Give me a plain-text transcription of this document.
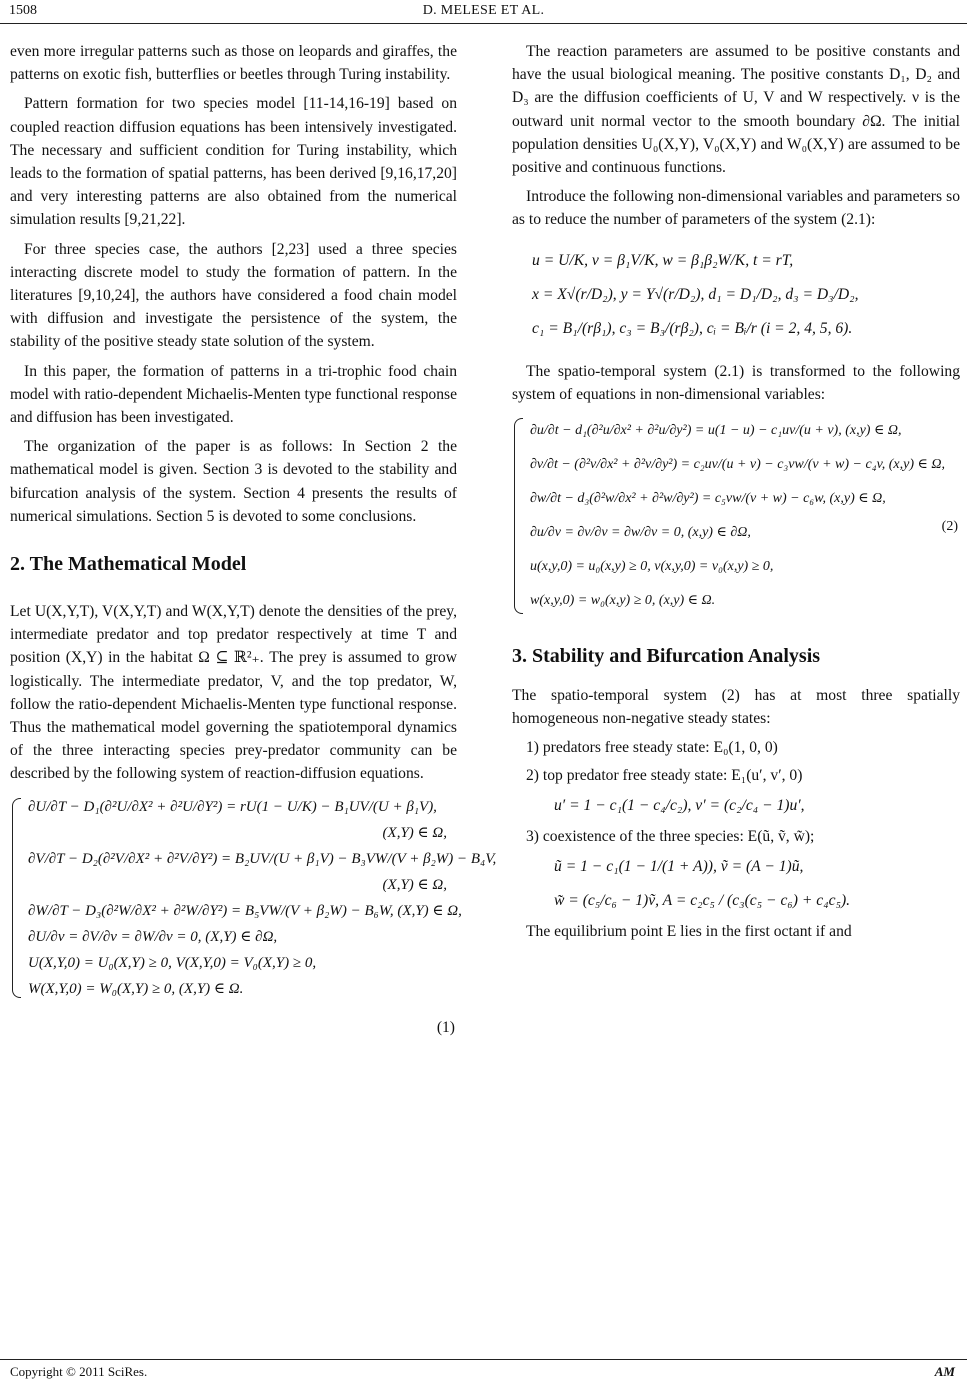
1508	D. MELESE ET AL.

even more irregular patterns such as those on leopards and giraffes, the patterns on exotic fish, butterflies or beetles through Turing instability.

Pattern formation for two species model [11-14,16-19] based on coupled reaction diffusion equations has been intensively investigated. The necessary and sufficient condition for Turing instability, which leads to the formation of spatial patterns, has been derived [9,16,17,20] and very interesting patterns are also obtained from the numerical simulation results [9,21,22].

For three species case, the authors [2,23] used a three species interacting discrete model to study the formation of pattern. In the literatures [9,10,24], the authors have considered a food chain model with diffusion and investigate the persistence of the system, the stability of the positive steady state solution of the system.

In this paper, the formation of patterns in a tri-trophic food chain model with ratio-dependent Michaelis-Menten type functional response and diffusion has been investigated.

The organization of the paper is as follows: In Section 2 the mathematical model is given. Section 3 is devoted to the stability and bifurcation analysis of the system. Section 4 presents the results of numerical simulations. Section 5 is devoted to some conclusions.

2. The Mathematical Model

Let U(X,Y,T), V(X,Y,T) and W(X,Y,T) denote the densities of the prey, intermediate predator and top predator respectively at time T and position (X,Y) in the habitat Ω ⊆ ℝ²₊. The prey is assumed to grow logistically. The intermediate predator, V, and the top predator, W, follow the ratio-dependent Michaelis-Menten type functional response. Thus the mathematical model governing the spatiotemporal dynamics of the three interacting species prey-predator community can be described by the following system of reaction-diffusion equations.

∂U/∂T − D₁(∂²U/∂X² + ∂²U/∂Y²) = rU(1 − U/K) − B₁UV/(U + β₁V),
(X,Y) ∈ Ω,
∂V/∂T − D₂(∂²V/∂X² + ∂²V/∂Y²) = B₂UV/(U + β₁V) − B₃VW/(V + β₂W) − B₄V,
(X,Y) ∈ Ω,
∂W/∂T − D₃(∂²W/∂X² + ∂²W/∂Y²) = B₅VW/(V + β₂W) − B₆W, (X,Y) ∈ Ω,
∂U/∂ν = ∂V/∂ν = ∂W/∂ν = 0, (X,Y) ∈ ∂Ω,
U(X,Y,0) = U₀(X,Y) ≥ 0, V(X,Y,0) = V₀(X,Y) ≥ 0,
W(X,Y,0) = W₀(X,Y) ≥ 0, (X,Y) ∈ Ω.
(1)

The reaction parameters are assumed to be positive constants and have the usual biological meaning. The positive constants D₁, D₂ and D₃ are the diffusion coefficients of U, V and W respectively. ν is the outward unit normal vector to the smooth boundary ∂Ω. The initial population densities U₀(X,Y), V₀(X,Y) and W₀(X,Y) are assumed to be positive and continuous functions.

Introduce the following non-dimensional variables and parameters so as to reduce the number of parameters of the system (2.1):

u = U/K, v = β₁V/K, w = β₁β₂W/K, t = rT,
x = X√(r/D₂), y = Y√(r/D₂), d₁ = D₁/D₂, d₃ = D₃/D₂,
c₁ = B₁/(rβ₁), c₃ = B₃/(rβ₂), cᵢ = Bᵢ/r (i = 2, 4, 5, 6).

The spatio-temporal system (2.1) is transformed to the following system of equations in non-dimensional variables:

∂u/∂t − d₁(∂²u/∂x² + ∂²u/∂y²) = u(1 − u) − c₁uv/(u + v), (x,y) ∈ Ω,
∂v/∂t − (∂²v/∂x² + ∂²v/∂y²) = c₂uv/(u + v) − c₃vw/(v + w) − c₄v, (x,y) ∈ Ω,
∂w/∂t − d₃(∂²w/∂x² + ∂²w/∂y²) = c₅vw/(v + w) − c₆w, (x,y) ∈ Ω,
∂u/∂ν = ∂v/∂ν = ∂w/∂ν = 0, (x,y) ∈ ∂Ω,
u(x,y,0) = u₀(x,y) ≥ 0, v(x,y,0) = v₀(x,y) ≥ 0,
w(x,y,0) = w₀(x,y) ≥ 0, (x,y) ∈ Ω.
(2)
3. Stability and Bifurcation Analysis

The spatio-temporal system (2) has at most three spatially homogeneous non-negative steady states:

1) predators free steady state: E₀(1, 0, 0)
2) top predator free steady state: E₁(u′, v′, 0)
u′ = 1 − c₁(1 − c₄/c₂), v′ = (c₂/c₄ − 1)u′,
3) coexistence of the three species: E(ũ, ṽ, w̃);
ũ = 1 − c₁(1 − 1/(1 + A)), ṽ = (A − 1)ũ,
w̃ = (c₅/c₆ − 1)ṽ, A = c₂c₅ / (c₃(c₅ − c₆) + c₄c₅).

The equilibrium point E lies in the first octant if and

Copyright © 2011 SciRes.	AM
